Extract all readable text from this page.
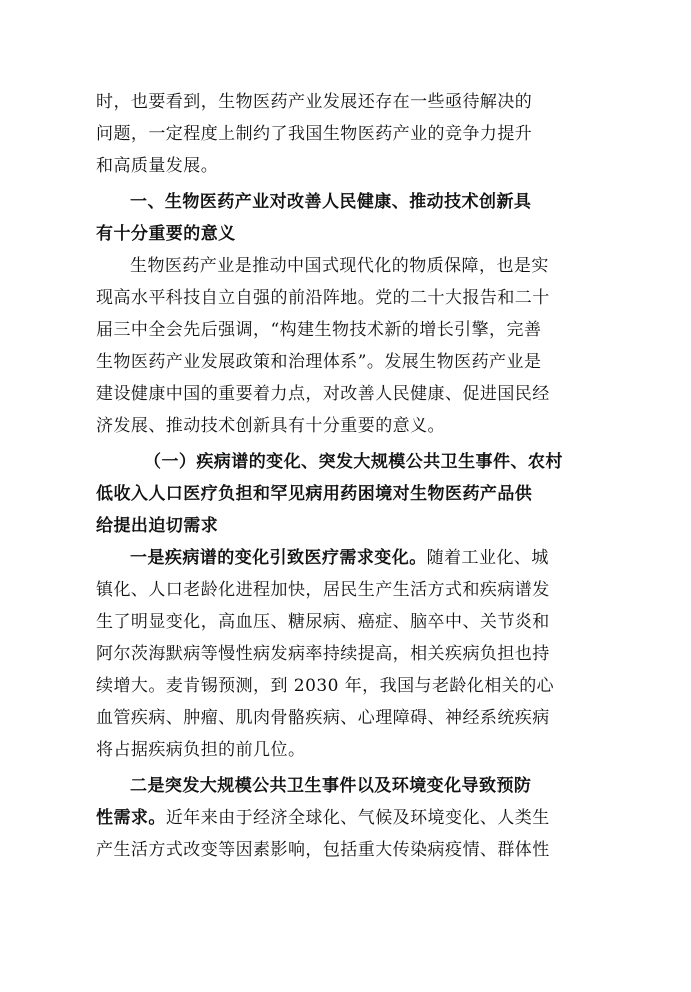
时，也要看到，生物医药产业发展还存在一些亟待解决的
问题，一定程度上制约了我国生物医药产业的竞争力提升
和高质量发展。
一、生物医药产业对改善人民健康、推动技术创新具
有十分重要的意义
生物医药产业是推动中国式现代化的物质保障，也是实
现高水平科技自立自强的前沿阵地。党的二十大报告和二十
届三中全会先后强调，“构建生物技术新的增长引擎，完善
生物医药产业发展政策和治理体系”。发展生物医药产业是
建设健康中国的重要着力点，对改善人民健康、促进国民经
济发展、推动技术创新具有十分重要的意义。
（一）疾病谱的变化、突发大规模公共卫生事件、农村
低收入人口医疗负担和罕见病用药困境对生物医药产品供
给提出迫切需求
一是疾病谱的变化引致医疗需求变化。随着工业化、城
镇化、人口老龄化进程加快，居民生产生活方式和疾病谱发
生了明显变化，高血压、糖尿病、癌症、脑卒中、关节炎和
阿尔茨海默病等慢性病发病率持续提高，相关疾病负担也持
续增大。麦肯锡预测，到 2030 年，我国与老龄化相关的心
血管疾病、肿瘤、肌肉骨骼疾病、心理障碍、神经系统疾病
将占据疾病负担的前几位。
二是突发大规模公共卫生事件以及环境变化导致预防
性需求。近年来由于经济全球化、气候及环境变化、人类生
产生活方式改变等因素影响，包括重大传染病疫情、群体性
